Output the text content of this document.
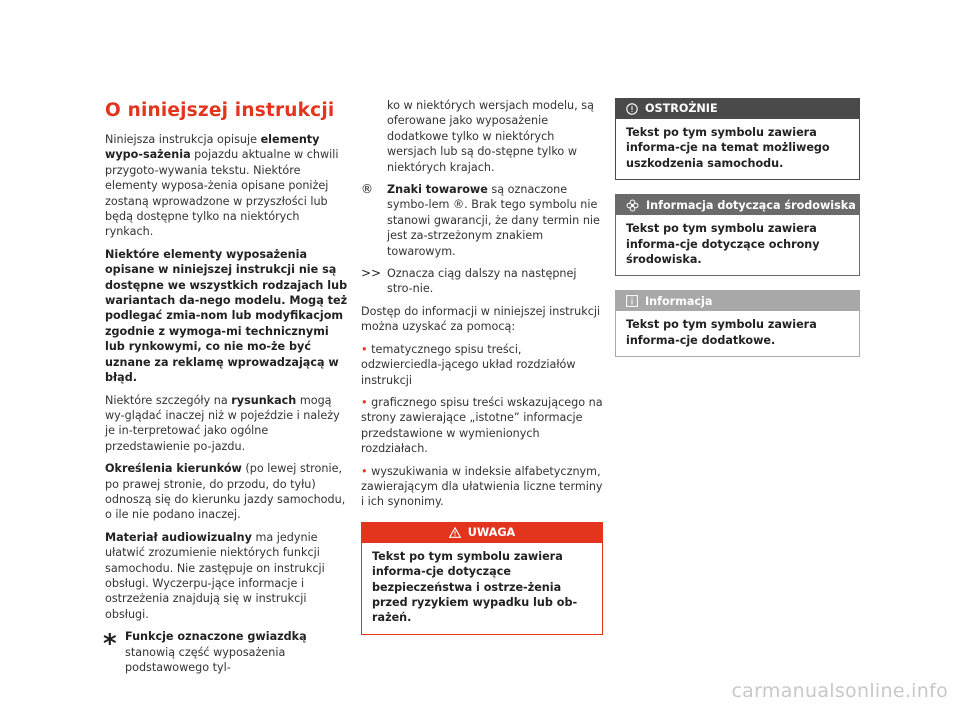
O niniejszej instrukcji

Niniejsza instrukcja opisuje elementy wypo-sażenia pojazdu aktualne w chwili przygoto-wywania tekstu. Niektóre elementy wyposa-żenia opisane poniżej zostaną wprowadzone w przyszłości lub będą dostępne tylko na niektórych rynkach.

Niektóre elementy wyposażenia opisane w niniejszej instrukcji nie są dostępne we wszystkich rodzajach lub wariantach da-nego modelu. Mogą też podlegać zmia-nom lub modyfikacjom zgodnie z wymoga-mi technicznymi lub rynkowymi, co nie mo-że być uznane za reklamę wprowadzającą w błąd.

Niektóre szczegóły na rysunkach mogą wy-glądać inaczej niż w pojeździe i należy je in-terpretować jako ogólne przedstawienie po-jazdu.

Określenia kierunków (po lewej stronie, po prawej stronie, do przodu, do tyłu) odnoszą się do kierunku jazdy samochodu, o ile nie podano inaczej.

Materiał audiowizualny ma jedynie ułatwić zrozumienie niektórych funkcji samochodu. Nie zastępuje on instrukcji obsługi. Wyczerpu-jące informacje i ostrzeżenia znajdują się w instrukcji obsługi.

* Funkcje oznaczone gwiazdką stanowią część wyposażenia podstawowego tyl-

ko w niektórych wersjach modelu, są oferowane jako wyposażenie dodatkowe tylko w niektórych wersjach lub są do-stępne tylko w niektórych krajach.

® Znaki towarowe są oznaczone symbo-lem ®. Brak tego symbolu nie stanowi gwarancji, że dany termin nie jest za-strzeżonym znakiem towarowym.

>> Oznacza ciąg dalszy na następnej stro-nie.

Dostęp do informacji w niniejszej instrukcji można uzyskać za pomocą:

• tematycznego spisu treści, odzwierciedla-jącego układ rozdziałów instrukcji

• graficznego spisu treści wskazującego na strony zawierające „istotne” informacje przedstawione w wymienionych rozdziałach.

• wyszukiwania w indeksie alfabetycznym, zawierającym dla ułatwienia liczne terminy i ich synonimy.

UWAGA
Tekst po tym symbolu zawiera informa-cje dotyczące bezpieczeństwa i ostrze-żenia przed ryzykiem wypadku lub ob-rażeń.
OSTROŻNIE
Tekst po tym symbolu zawiera informa-cje na temat możliwego uszkodzenia samochodu.
Informacja dotycząca środowiska
Tekst po tym symbolu zawiera informa-cje dotyczące ochrony środowiska.
Informacja
Tekst po tym symbolu zawiera informa-cje dodatkowe.
carmanualsonline.info
